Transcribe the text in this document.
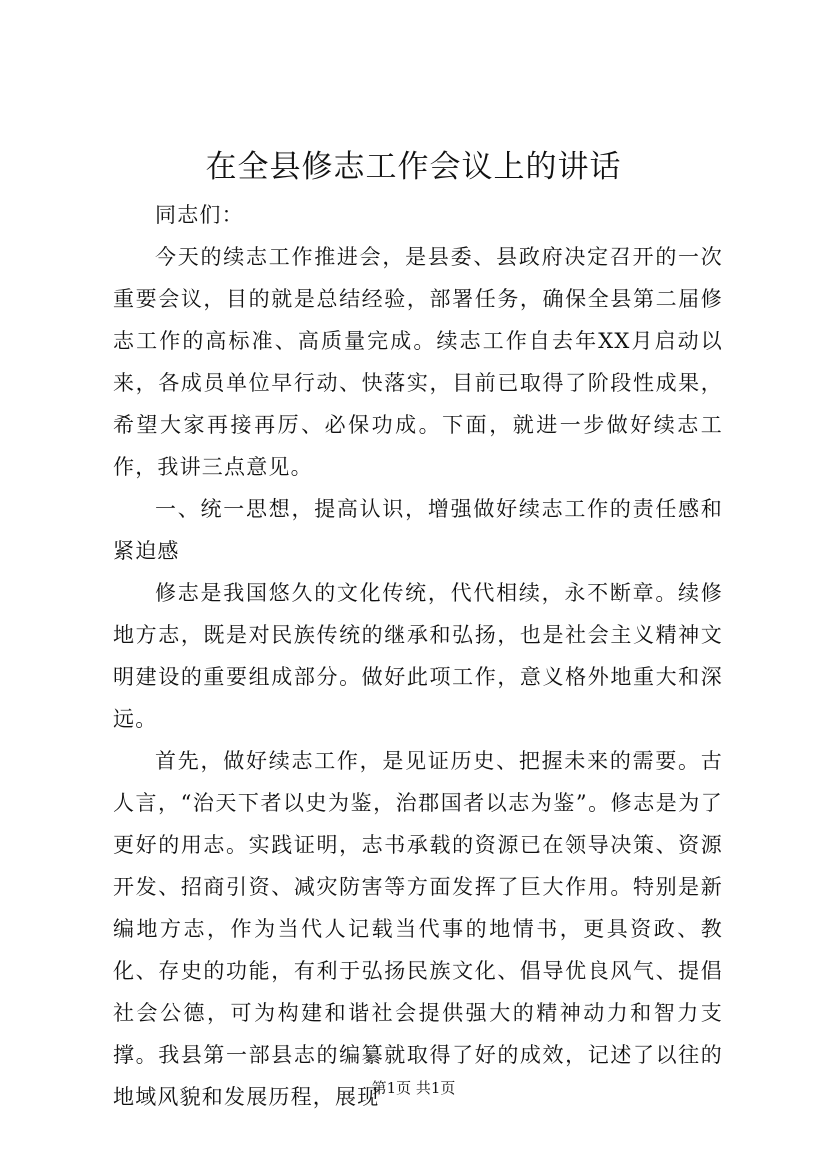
在全县修志工作会议上的讲话

同志们：

今天的续志工作推进会，是县委、县政府决定召开的一次重要会议，目的就是总结经验，部署任务，确保全县第二届修志工作的高标准、高质量完成。续志工作自去年XX月启动以来，各成员单位早行动、快落实，目前已取得了阶段性成果，希望大家再接再厉、必保功成。下面，就进一步做好续志工作，我讲三点意见。

一、统一思想，提高认识，增强做好续志工作的责任感和紧迫感

修志是我国悠久的文化传统，代代相续，永不断章。续修地方志，既是对民族传统的继承和弘扬，也是社会主义精神文明建设的重要组成部分。做好此项工作，意义格外地重大和深远。

首先，做好续志工作，是见证历史、把握未来的需要。古人言，“治天下者以史为鉴，治郡国者以志为鉴”。修志是为了更好的用志。实践证明，志书承载的资源已在领导决策、资源开发、招商引资、减灾防害等方面发挥了巨大作用。特别是新编地方志，作为当代人记载当代事的地情书，更具资政、教化、存史的功能，有利于弘扬民族文化、倡导优良风气、提倡社会公德，可为构建和谐社会提供强大的精神动力和智力支撑。我县第一部县志的编纂就取得了好的成效，记述了以往的地域风貌和发展历程，展现

第1页 共1页
